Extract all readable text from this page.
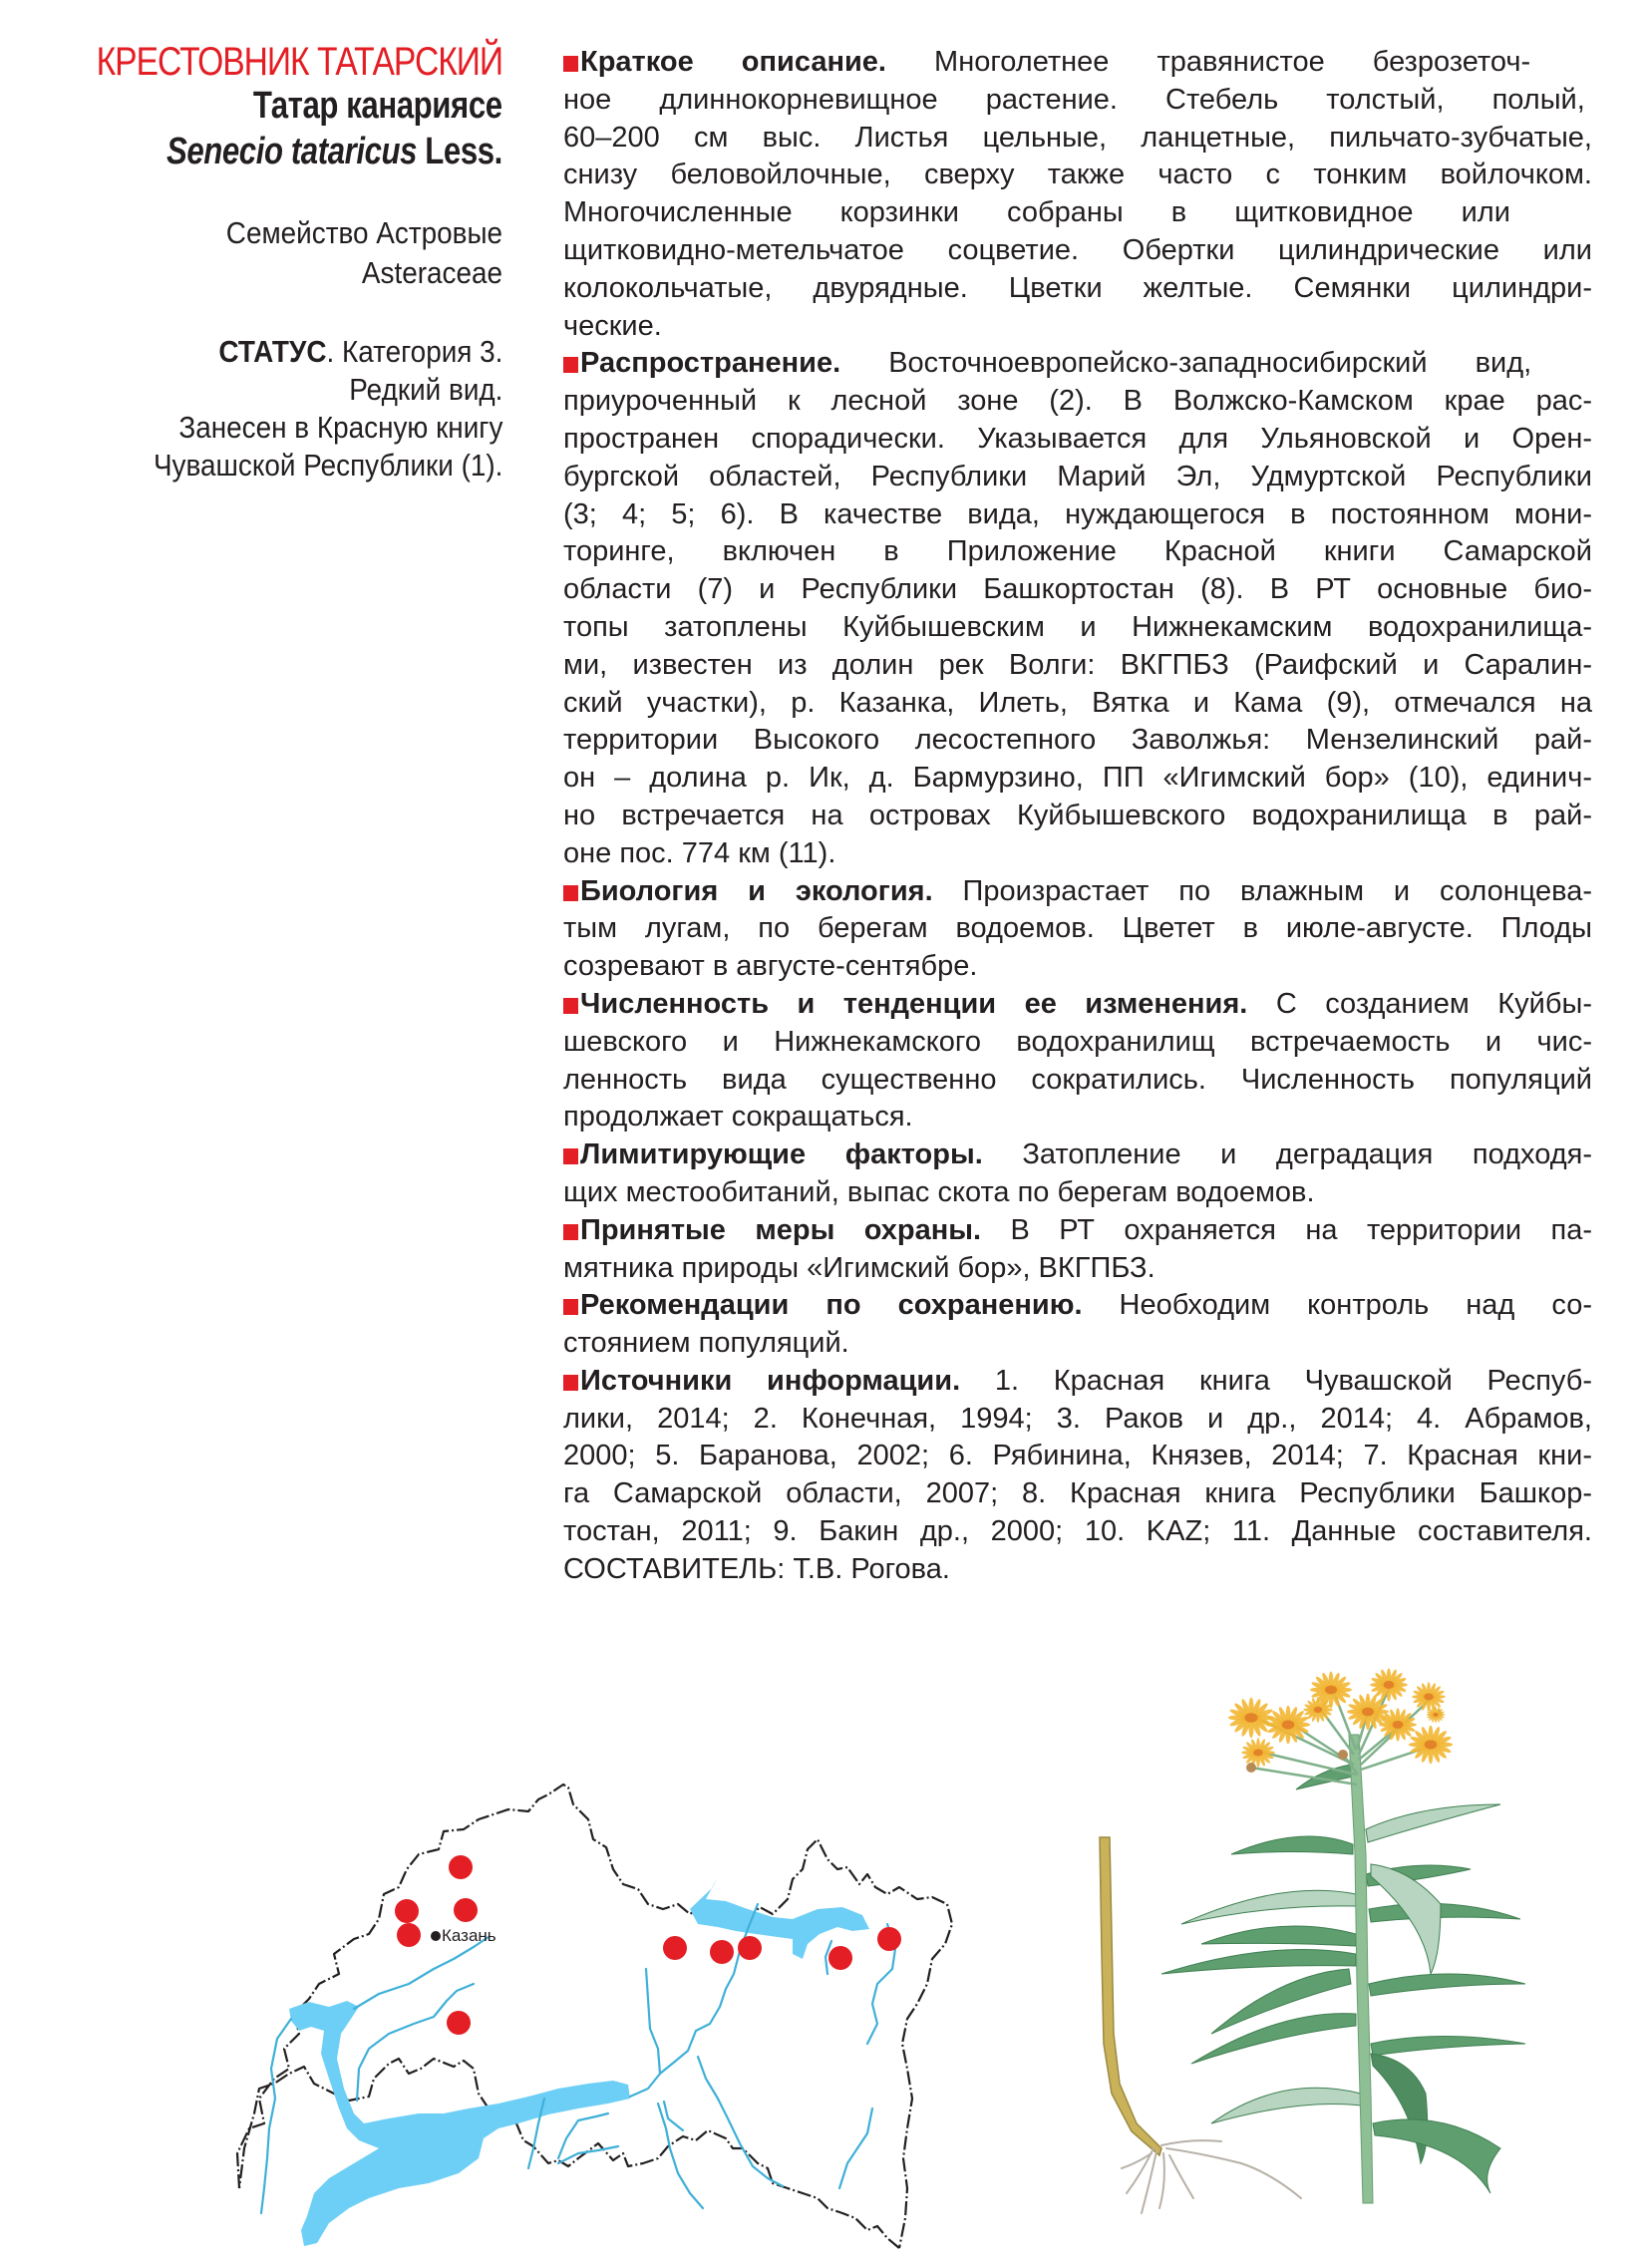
КРЕСТОВНИК ТАТАРСКИЙ
Татар канариясе
Senecio tataricus Less.
Семейство Астровые
Asteraceae
СТАТУС. Категория 3.
Редкий вид.
Занесен в Красную книгу
Чувашской Республики (1).
Краткое описание. Многолетнее травянистое безрозеточ-
ное длиннокорневищное растение. Стебель толстый, полый,
60–200 см выс. Листья цельные, ланцетные, пильчато-зубчатые,
снизу беловойлочные, сверху также часто с тонким войлочком.
Многочисленные корзинки собраны в щитковидное или
щитковидно-метельчатое соцветие. Обертки цилиндрические или
колокольчатые, двурядные. Цветки желтые. Семянки цилиндри-
ческие.
Распространение. Восточноевропейско-западносибирский вид,
приуроченный к лесной зоне (2). В Волжско-Камском крае рас-
пространен спорадически. Указывается для Ульяновской и Орен-
бургской областей, Республики Марий Эл, Удмуртской Республики
(3; 4; 5; 6). В качестве вида, нуждающегося в постоянном мони-
торинге, включен в Приложение Красной книги Самарской
области (7) и Республики Башкортостан (8). В РТ основные био-
топы затоплены Куйбышевским и Нижнекамским водохранилища-
ми, известен из долин рек Волги: ВКГПБЗ (Раифский и Саралин-
ский участки), р. Казанка, Илеть, Вятка и Кама (9), отмечался на
территории Высокого лесостепного Заволжья: Мензелинский рай-
он – долина р. Ик, д. Бармурзино, ПП «Игимский бор» (10), единич-
но встречается на островах Куйбышевского водохранилища в рай-
оне пос. 774 км (11).
Биология и экология. Произрастает по влажным и солонцева-
тым лугам, по берегам водоемов. Цветет в июле-августе. Плоды
созревают в августе-сентябре.
Численность и тенденции ее изменения. С созданием Куйбы-
шевского и Нижнекамского водохранилищ встречаемость и чис-
ленность вида существенно сократились. Численность популяций
продолжает сокращаться.
Лимитирующие факторы. Затопление и деградация подходя-
щих местообитаний, выпас скота по берегам водоемов.
Принятые меры охраны. В РТ охраняется на территории па-
мятника природы «Игимский бор», ВКГПБЗ.
Рекомендации по сохранению. Необходим контроль над со-
стоянием популяций.
Источники информации. 1. Красная книга Чувашской Респуб-
лики, 2014; 2. Конечная, 1994; 3. Раков и др., 2014; 4. Абрамов,
2000; 5. Баранова, 2002; 6. Рябинина, Князев, 2014; 7. Красная кни-
га Самарской области, 2007; 8. Красная книга Республики Башкор-
тостан, 2011; 9. Бакин др., 2000; 10. KAZ; 11. Данные составителя.
СОСТАВИТЕЛЬ: Т.В. Рогова.
Казань
